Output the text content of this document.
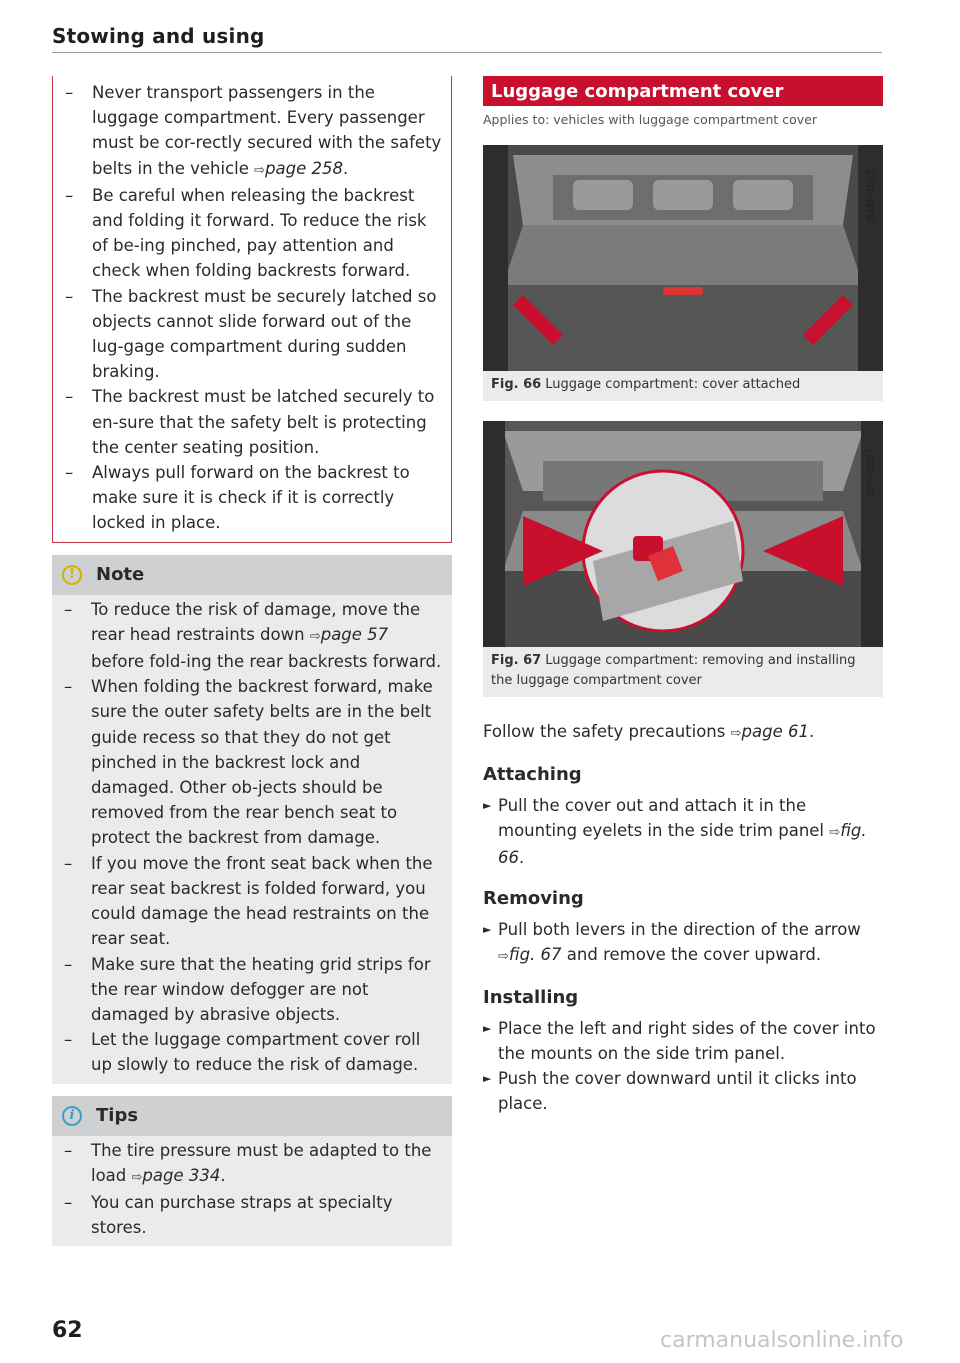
Stowing and using
– Never transport passengers in the luggage compartment. Every passenger must be cor-rectly secured with the safety belts in the vehicle ⇨page 258.
– Be careful when releasing the backrest and folding it forward. To reduce the risk of be-ing pinched, pay attention and check when folding backrests forward.
– The backrest must be securely latched so objects cannot slide forward out of the lug-gage compartment during sudden braking.
– The backrest must be latched securely to en-sure that the safety belt is protecting the center seating position.
– Always pull forward on the backrest to make sure it is check if it is correctly locked in place.
!	Note
– To reduce the risk of damage, move the rear head restraints down ⇨page 57 before fold-ing the rear backrests forward.
– When folding the backrest forward, make sure the outer safety belts are in the belt guide recess so that they do not get pinched in the backrest lock and damaged. Other ob-jects should be removed from the rear bench seat to protect the backrest from damage.
– If you move the front seat back when the rear seat backrest is folded forward, you could damage the head restraints on the rear seat.
– Make sure that the heating grid strips for the rear window defogger are not damaged by abrasive objects.
– Let the luggage compartment cover roll up slowly to reduce the risk of damage.
i	Tips
– The tire pressure must be adapted to the load ⇨page 334.
– You can purchase straps at specialty stores.
Luggage compartment cover
Applies to: vehicles with luggage compartment cover
B4M-0103
Fig. 66 Luggage compartment: cover attached
BFY-0057
Fig. 67 Luggage compartment: removing and installing the luggage compartment cover
Follow the safety precautions ⇨page 61.
Attaching
► Pull the cover out and attach it in the mounting eyelets in the side trim panel ⇨fig. 66.
Removing
► Pull both levers in the direction of the arrow
⇨fig. 67 and remove the cover upward.
Installing
► Place the left and right sides of the cover into the mounts on the side trim panel.
► Push the cover downward until it clicks into place.
62	carmanualsonline.info
